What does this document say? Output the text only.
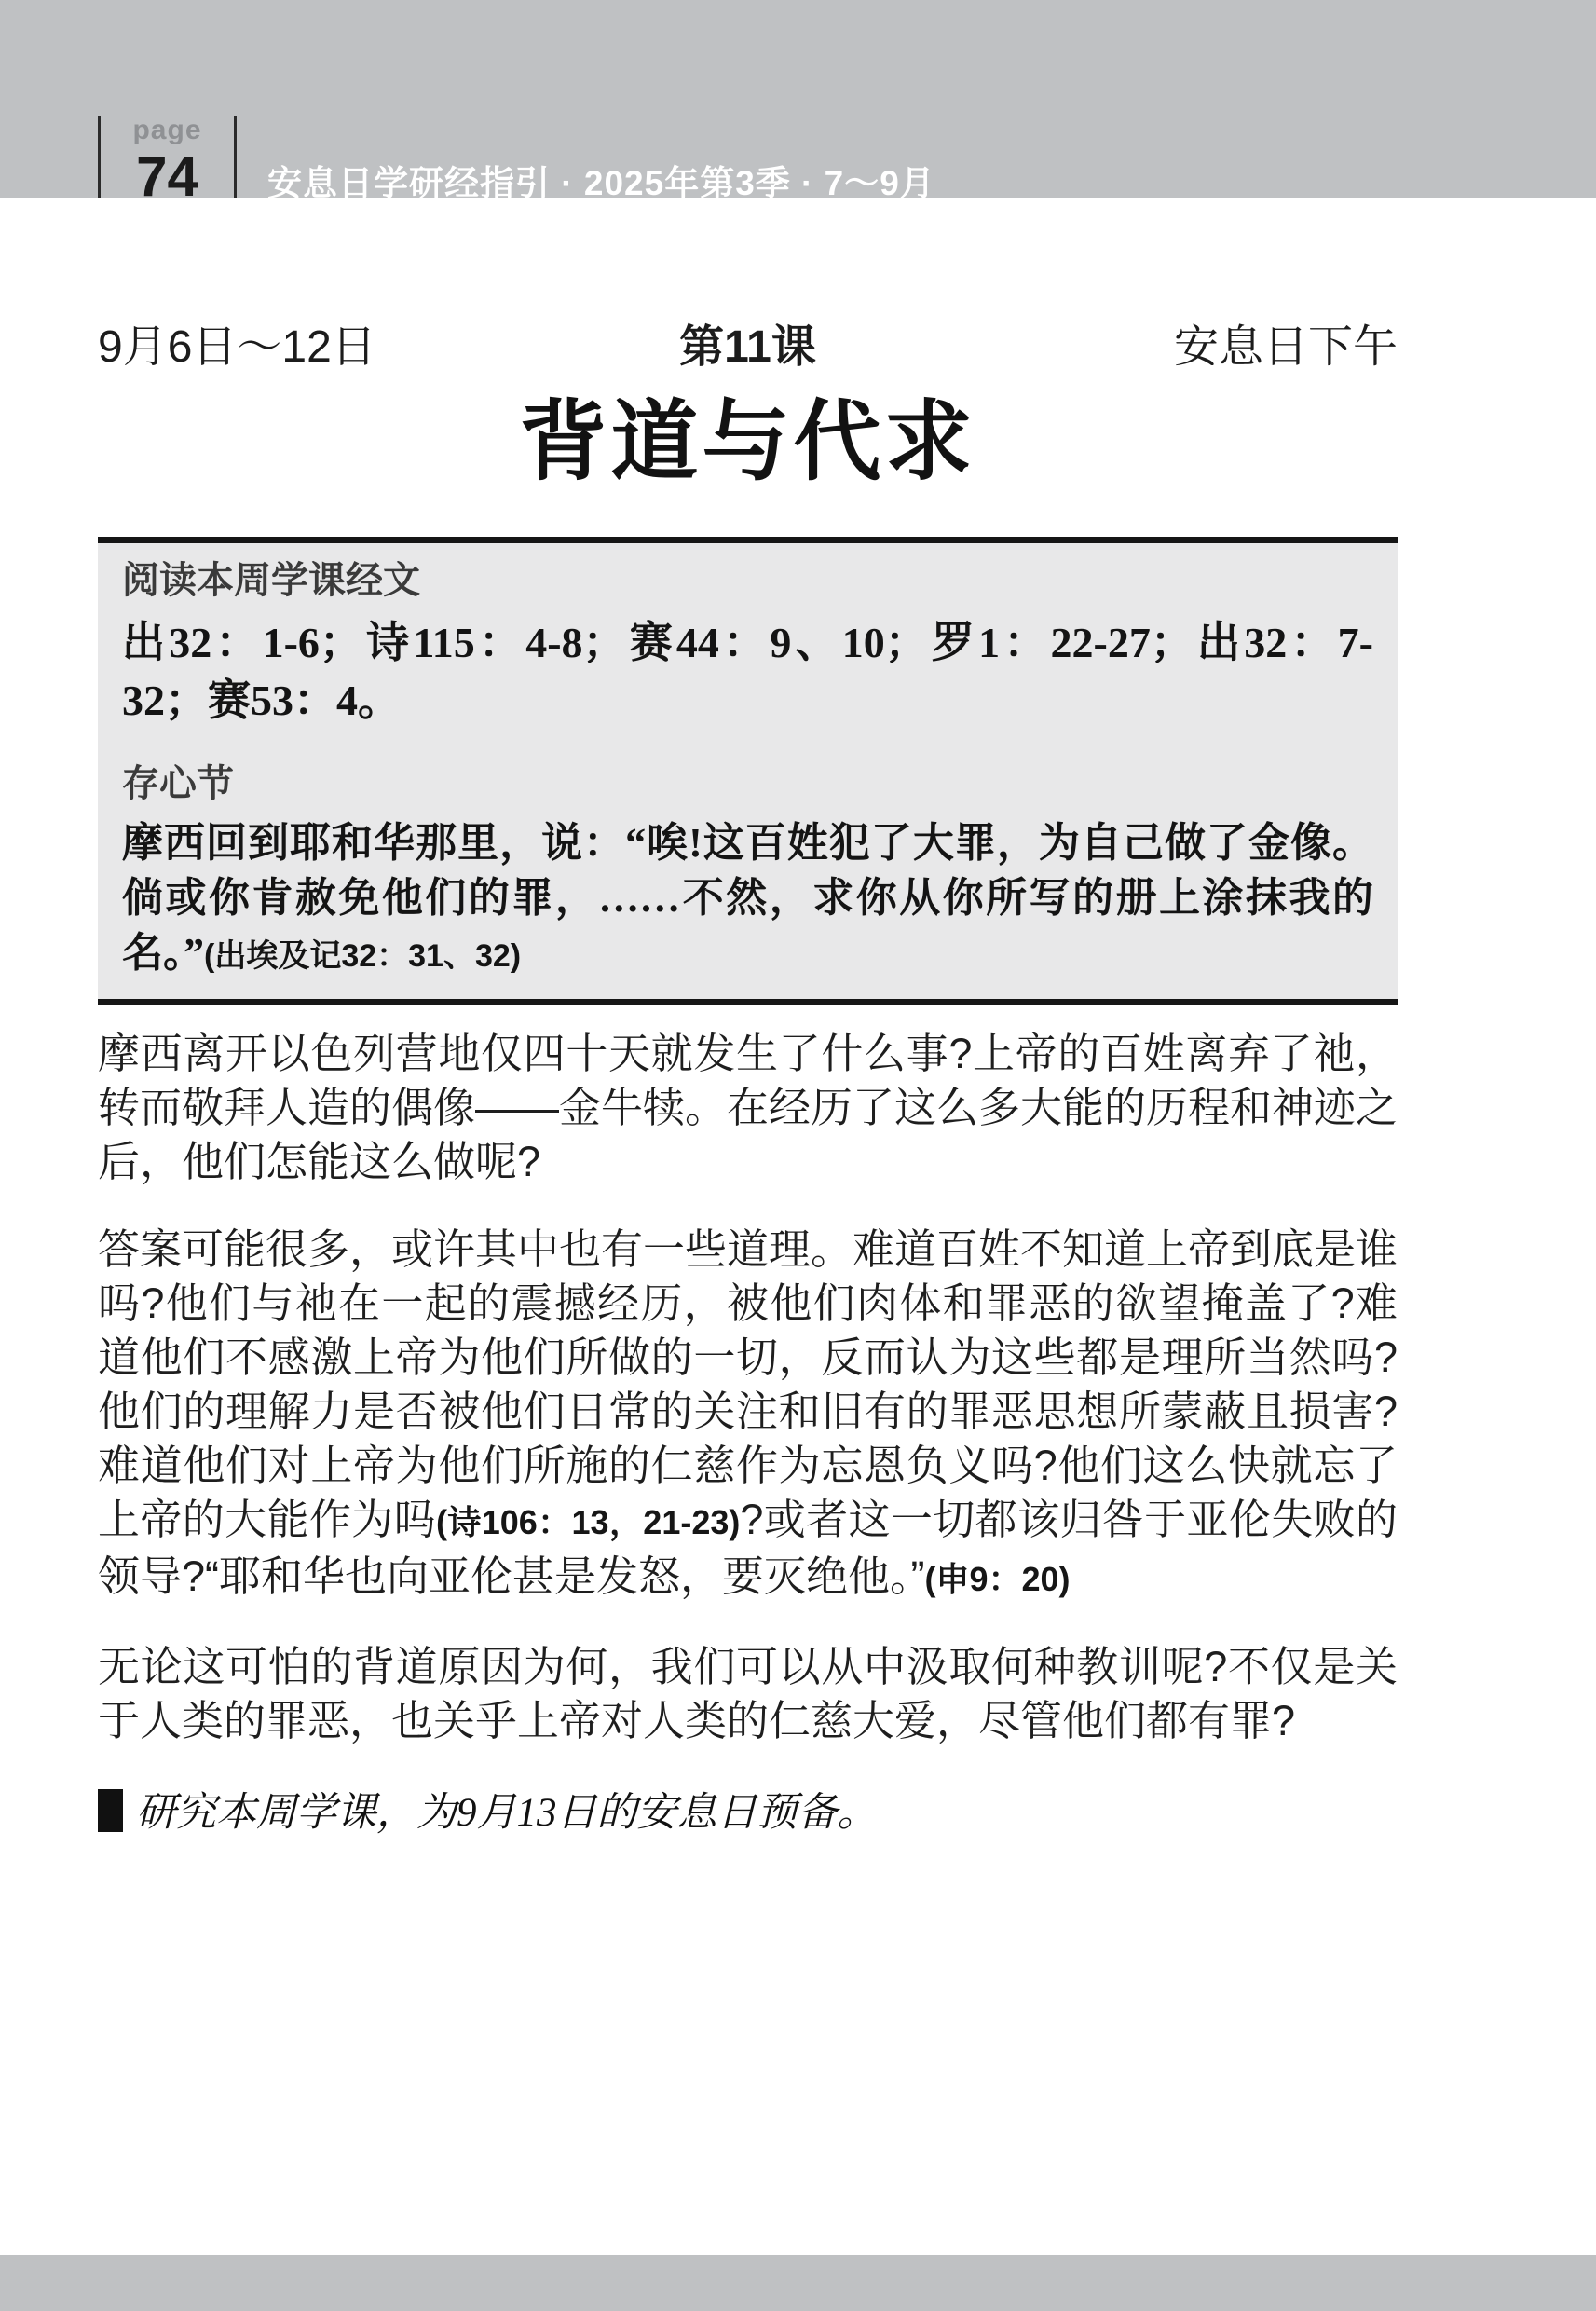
page
74 安息日学研经指引 · 2025年第3季 · 7～9月
9月6日～12日	第11课	安息日下午
背道与代求
阅读本周学课经文
出32：1-6；诗115：4-8；赛44：9、10；罗1：22-27；出32：7-32；赛53：4。
存心节
摩西回到耶和华那里，说：“唉!这百姓犯了大罪，为自己做了金像。倘或你肯赦免他们的罪，……不然，求你从你所写的册上涂抹我的名。”(出埃及记32：31、32)

摩西离开以色列营地仅四十天就发生了什么事?上帝的百姓离弃了祂，转而敬拜人造的偶像——金牛犊。在经历了这么多大能的历程和神迹之后，他们怎能这么做呢?

答案可能很多，或许其中也有一些道理。难道百姓不知道上帝到底是谁吗?他们与祂在一起的震撼经历，被他们肉体和罪恶的欲望掩盖了?难道他们不感激上帝为他们所做的一切，反而认为这些都是理所当然吗?他们的理解力是否被他们日常的关注和旧有的罪恶思想所蒙蔽且损害?难道他们对上帝为他们所施的仁慈作为忘恩负义吗?他们这么快就忘了上帝的大能作为吗(诗106：13，21-23)?或者这一切都该归咎于亚伦失败的领导?“耶和华也向亚伦甚是发怒，要灭绝他。”(申9：20)

无论这可怕的背道原因为何，我们可以从中汲取何种教训呢?不仅是关于人类的罪恶，也关乎上帝对人类的仁慈大爱，尽管他们都有罪?

研究本周学课，为9月13日的安息日预备。
